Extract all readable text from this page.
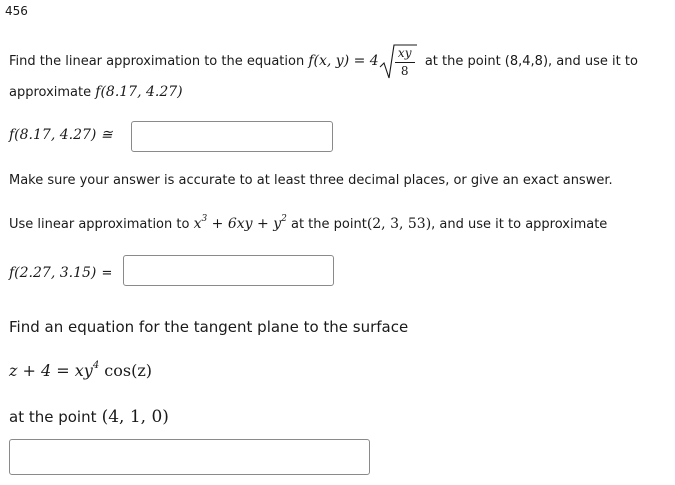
456
Find the linear approximation to the equation f(x, y) = 4
xy
8
at the point (8,4,8), and use it to
approximate f(8.17, 4.27)
f(8.17, 4.27) ≅
Make sure your answer is accurate to at least three decimal places, or give an exact answer.
Use linear approximation to $x^3 + 6xy + y^2$ at the point(2, 3, 53), and use it to approximate
f(2.27, 3.15) =
Find an equation for the tangent plane to the surface
$z + 4 = xy^4$ cos(z)
at the point (4, 1, 0)
